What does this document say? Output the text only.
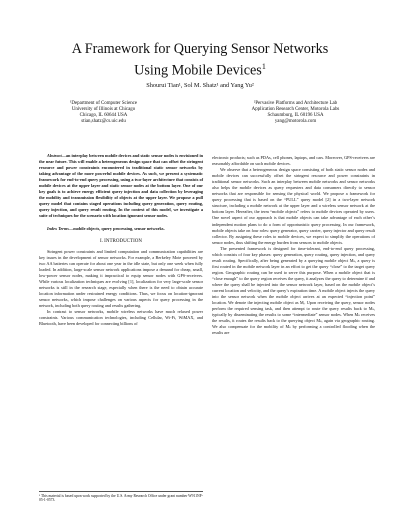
A Framework for Querying Sensor Networks
Using Mobile Devices$^1$
Shourui Tian¹, Sol M. Shatz¹ and Yang Yu²
¹Department of Computer Science
University of Illinois at Chicago
Chicago, IL 60644 USA
stian,shatz@cs.uic.edu
²Pervasive Platforms and Architecture Lab
Application Research Center, Motorola Labs
Schaumburg, IL 60196 USA
yang@motorola.com

Abstract—an interplay between mobile devices and static sensor nodes is envisioned in the near future. This will enable a heterogeneous design space that can offset the stringent resource and power constraints encountered in traditional static sensor networks by taking advantage of the more powerful mobile devices. As such, we present a systematic framework for end-to-end query processing, using a two-layer architecture that consists of mobile devices at the upper layer and static sensor nodes at the bottom layer. One of our key goals is to achieve energy efficient query injection and data collection by leveraging the mobility and transmission flexibility of objects at the upper layer. We propose a pull query model that contains staged operations including query generation, query routing, query injection, and query result routing. In the context of this model, we investigate a suite of techniques for the scenario with location ignorant sensor nodes.

Index Terms—mobile objects, query processing, sensor networks.

I. INTRODUCTION

Stringent power constraints and limited computation and communication capabilities are key issues in the development of sensor networks. For example, a Berkeley Mote powered by two AA batteries can operate for about one year in the idle state, but only one week when fully loaded. In addition, large-scale sensor network applications impose a demand for cheap, small, low-power sensor nodes, making it impractical to equip sensor nodes with GPS-receivers. While various localization techniques are evolving [1], localization for very large-scale sensor networks is still in the research stage, especially when there is the need to obtain accurate location information under restrained energy conditions. Thus, we focus on location-ignorant sensor networks, which impose challenges on various aspects for query processing in the network, including both query routing and results gathering.

In contrast to sensor networks, mobile wireless networks have much relaxed power constraints. Various communication technologies, including Cellular, Wi-Fi, WiMAX, and Bluetooth, have been developed for connecting billions of

¹ This material is based upon work supported by the U.S. Army Research Office under grant number W911NF-05-1-0573.

electronic products; such as PDAs, cell phones, laptops, and cars. Moreover, GPS-receivers are reasonably affordable on such mobile devices.

We observe that a heterogeneous design space consisting of both static sensor nodes and mobile devices can successfully offset the stringent resource and power constraints in traditional sensor networks. Such an interplay between mobile networks and sensor networks also helps the mobile devices as query requesters and data consumers directly to sensor networks that are responsible for sensing the physical world. We propose a framework for query processing that is based on the “PULL” query model [2] in a two-layer network structure, including a mobile network at the upper layer and a wireless sensor network at the bottom layer. Hereafter, the term “mobile objects” refers to mobile devices operated by users. One novel aspect of our approach is that mobile objects can take advantage of each other’s independent motion plans to do a form of opportunistic query processing. In our framework, mobile objects take on four roles: query generator, query carrier, query injector and query result collector. By assigning these roles to mobile devices, we expect to simplify the operations of sensor nodes, thus shifting the energy burden from sensors to mobile objects.

The presented framework is designed for time-tolerant, end-to-end query processing, which consists of four key phases: query generation, query routing, query injection, and query result routing. Specifically, after being generated by a querying mobile object Mₛ, a query is first routed in the mobile network layer in an effort to get the query “close” to the target query region. Geographic routing can be used to serve this purpose. When a mobile object that is “close enough” to the query region receives the query, it analyzes the query to determine if and where the query shall be injected into the sensor network layer, based on the mobile object’s current location and velocity, and the query’s expiration time. A mobile object injects the query into the sensor network when the mobile object arrives at an expected “injection point” location. We denote the injecting mobile object as Mᵢ. Upon receiving the query, sensor nodes perform the required sensing task, and then attempt to route the query results back to Mₛ, typically by disseminating the results to some “intermediate” sensor nodes. When Mₛ receives the results, it routes the results back to the querying object Mₛ, again via geographic routing. We also compensate for the mobility of Mₛ by performing a controlled flooding when the results are
